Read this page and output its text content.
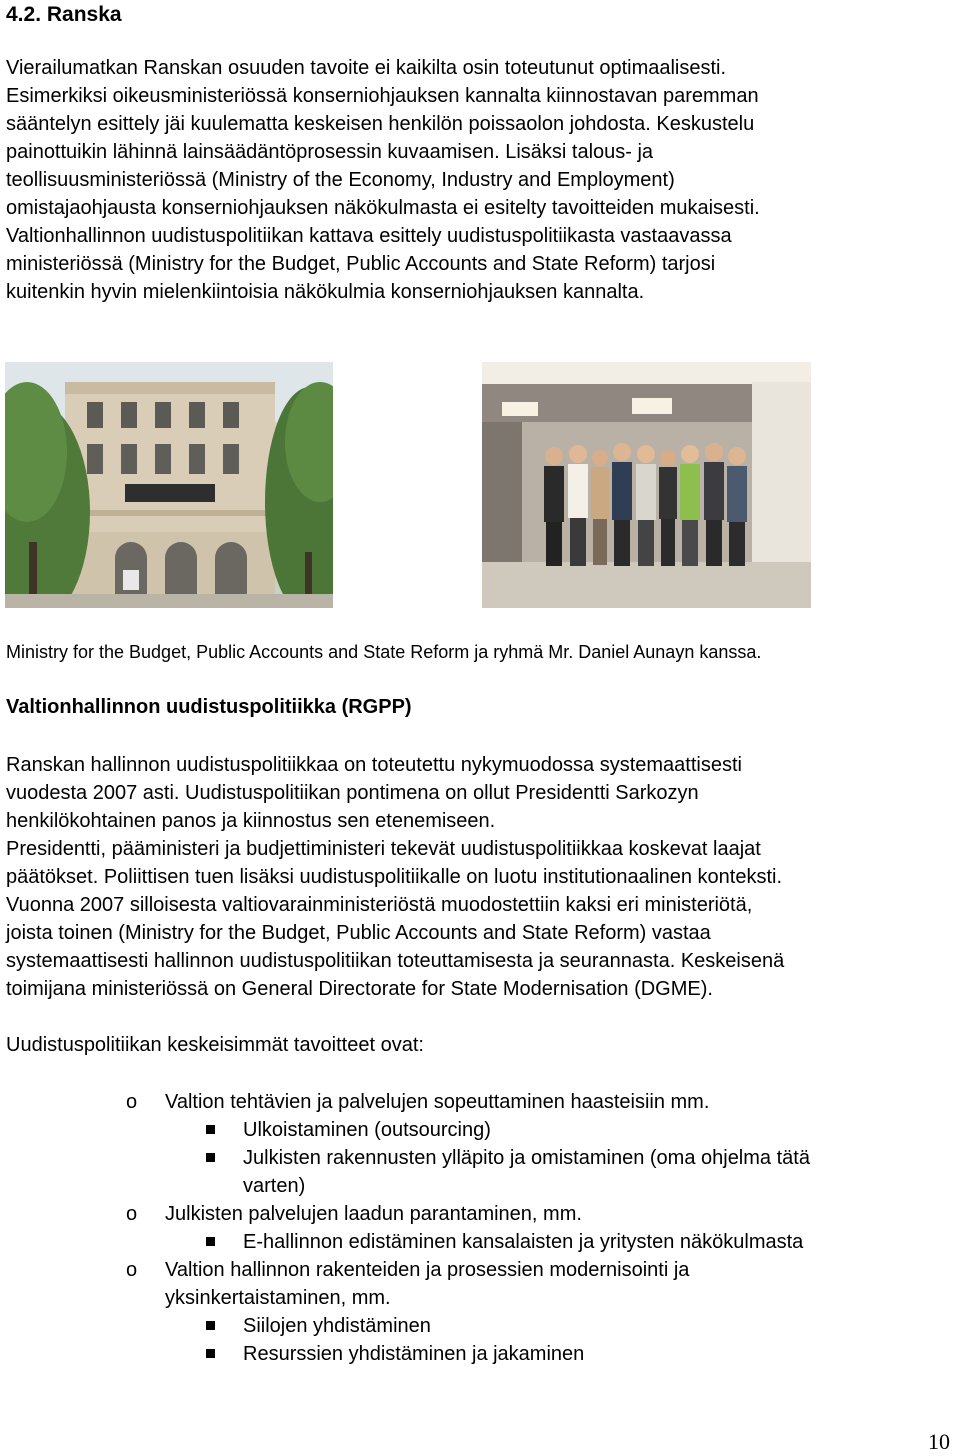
4.2. Ranska
Vierailumatkan Ranskan osuuden tavoite ei kaikilta osin toteutunut optimaalisesti.
Esimerkiksi oikeusministeriössä konserniohjauksen kannalta kiinnostavan paremman
sääntelyn esittely jäi kuulematta keskeisen henkilön poissaolon johdosta. Keskustelu
painottuikin lähinnä lainsäädäntöprosessin kuvaamisen. Lisäksi talous- ja
teollisuusministeriössä (Ministry of the Economy, Industry and Employment)
omistajaohjausta konserniohjauksen näkökulmasta ei esitelty tavoitteiden mukaisesti.
Valtionhallinnon uudistuspolitiikan kattava esittely uudistuspolitiikasta vastaavassa
ministeriössä (Ministry for the Budget, Public Accounts and State Reform) tarjosi
kuitenkin hyvin mielenkiintoisia näkökulmia konserniohjauksen kannalta.
Ministry for the Budget, Public Accounts and State Reform ja ryhmä Mr. Daniel Aunayn kanssa.
Valtionhallinnon uudistuspolitiikka (RGPP)
Ranskan hallinnon uudistuspolitiikkaa on toteutettu nykymuodossa systemaattisesti
vuodesta 2007 asti. Uudistuspolitiikan pontimena on ollut Presidentti Sarkozyn
henkilökohtainen panos ja kiinnostus sen etenemiseen.
Presidentti, pääministeri ja budjettiministeri tekevät uudistuspolitiikkaa koskevat laajat
päätökset. Poliittisen tuen lisäksi uudistuspolitiikalle on luotu institutionaalinen konteksti.
Vuonna 2007 silloisesta valtiovarainministeriöstä muodostettiin kaksi eri ministeriötä,
joista toinen (Ministry for the Budget, Public Accounts and State Reform) vastaa
systemaattisesti hallinnon uudistuspolitiikan toteuttamisesta ja seurannasta. Keskeisenä
toimijana ministeriössä on General Directorate for State Modernisation (DGME).
Uudistuspolitiikan keskeisimmät tavoitteet ovat:
o Valtion tehtävien ja palvelujen sopeuttaminen haasteisiin mm.
Ulkoistaminen (outsourcing)
Julkisten rakennusten ylläpito ja omistaminen (oma ohjelma tätä
varten)
o Julkisten palvelujen laadun parantaminen, mm.
E-hallinnon edistäminen kansalaisten ja yritysten näkökulmasta
o Valtion hallinnon rakenteiden ja prosessien modernisointi ja
yksinkertaistaminen, mm.
Siilojen yhdistäminen
Resurssien yhdistäminen ja jakaminen
10
